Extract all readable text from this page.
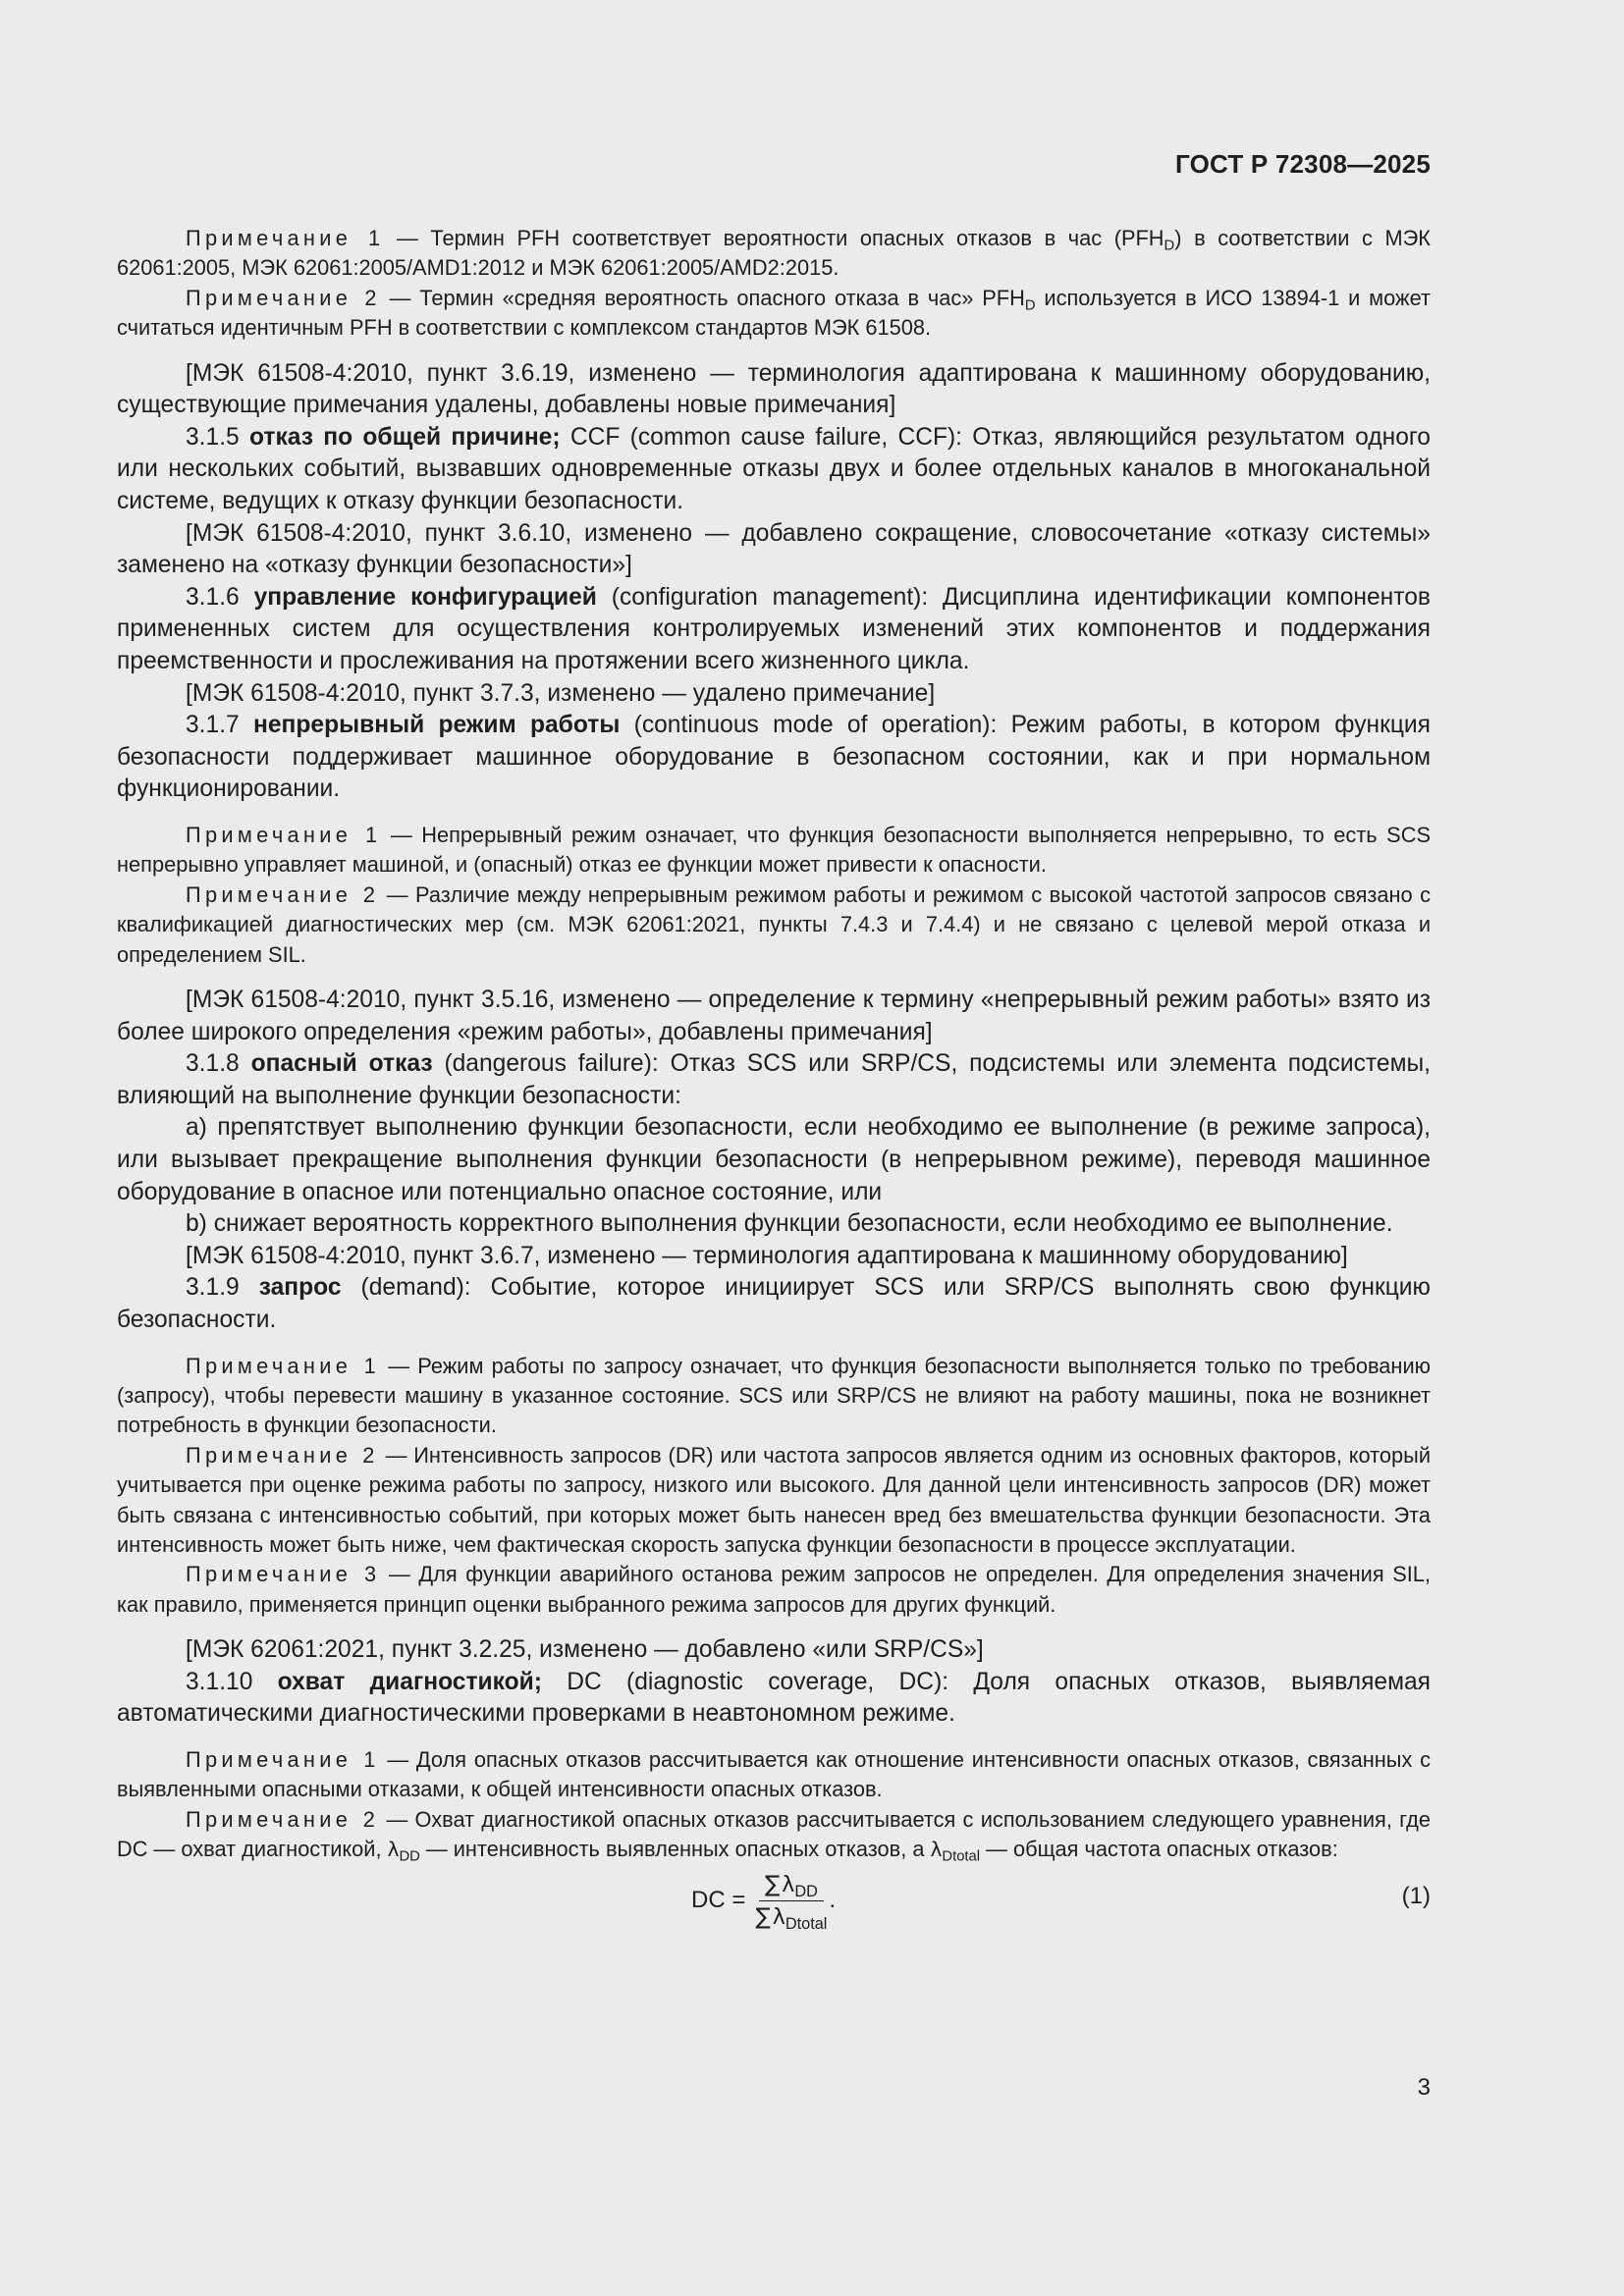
ГОСТ Р 72308—2025

Примечание 1 — Термин PFH соответствует вероятности опасных отказов в час $(PFH_D)$ в соответствии с МЭК 62061:2005, МЭК 62061:2005/AMD1:2012 и МЭК 62061:2005/AMD2:2015.

Примечание 2 — Термин «средняя вероятность опасного отказа в час» $PFH_D$ используется в ИСО 13894-1 и может считаться идентичным PFH в соответствии с комплексом стандартов МЭК 61508.

[МЭК 61508-4:2010, пункт 3.6.19, изменено — терминология адаптирована к машинному оборудованию, существующие примечания удалены, добавлены новые примечания]

3.1.5 отказ по общей причине; CCF (common cause failure, CCF): Отказ, являющийся результатом одного или нескольких событий, вызвавших одновременные отказы двух и более отдельных каналов в многоканальной системе, ведущих к отказу функции безопасности.

[МЭК 61508-4:2010, пункт 3.6.10, изменено — добавлено сокращение, словосочетание «отказу системы» заменено на «отказу функции безопасности»]

3.1.6 управление конфигурацией (configuration management): Дисциплина идентификации компонентов примененных систем для осуществления контролируемых изменений этих компонентов и поддержания преемственности и прослеживания на протяжении всего жизненного цикла.

[МЭК 61508-4:2010, пункт 3.7.3, изменено — удалено примечание]

3.1.7 непрерывный режим работы (continuous mode of operation): Режим работы, в котором функция безопасности поддерживает машинное оборудование в безопасном состоянии, как и при нормальном функционировании.

Примечание 1 — Непрерывный режим означает, что функция безопасности выполняется непрерывно, то есть SCS непрерывно управляет машиной, и (опасный) отказ ее функции может привести к опасности.

Примечание 2 — Различие между непрерывным режимом работы и режимом с высокой частотой запросов связано с квалификацией диагностических мер (см. МЭК 62061:2021, пункты 7.4.3 и 7.4.4) и не связано с целевой мерой отказа и определением SIL.

[МЭК 61508-4:2010, пункт 3.5.16, изменено — определение к термину «непрерывный режим работы» взято из более широкого определения «режим работы», добавлены примечания]

3.1.8 опасный отказ (dangerous failure): Отказ SCS или SRP/CS, подсистемы или элемента подсистемы, влияющий на выполнение функции безопасности:

a) препятствует выполнению функции безопасности, если необходимо ее выполнение (в режиме запроса), или вызывает прекращение выполнения функции безопасности (в непрерывном режиме), переводя машинное оборудование в опасное или потенциально опасное состояние, или

b) снижает вероятность корректного выполнения функции безопасности, если необходимо ее выполнение.

[МЭК 61508-4:2010, пункт 3.6.7, изменено — терминология адаптирована к машинному оборудованию]

3.1.9 запрос (demand): Событие, которое инициирует SCS или SRP/CS выполнять свою функцию безопасности.

Примечание 1 — Режим работы по запросу означает, что функция безопасности выполняется только по требованию (запросу), чтобы перевести машину в указанное состояние. SCS или SRP/CS не влияют на работу машины, пока не возникнет потребность в функции безопасности.

Примечание 2 — Интенсивность запросов (DR) или частота запросов является одним из основных факторов, который учитывается при оценке режима работы по запросу, низкого или высокого. Для данной цели интенсивность запросов (DR) может быть связана с интенсивностью событий, при которых может быть нанесен вред без вмешательства функции безопасности. Эта интенсивность может быть ниже, чем фактическая скорость запуска функции безопасности в процессе эксплуатации.

Примечание 3 — Для функции аварийного останова режим запросов не определен. Для определения значения SIL, как правило, применяется принцип оценки выбранного режима запросов для других функций.

[МЭК 62061:2021, пункт 3.2.25, изменено — добавлено «или SRP/CS»]

3.1.10 охват диагностикой; DC (diagnostic coverage, DC): Доля опасных отказов, выявляемая автоматическими диагностическими проверками в неавтономном режиме.

Примечание 1 — Доля опасных отказов рассчитывается как отношение интенсивности опасных отказов, связанных с выявленными опасными отказами, к общей интенсивности опасных отказов.

Примечание 2 — Охват диагностикой опасных отказов рассчитывается с использованием следующего уравнения, где DC — охват диагностикой, $\lambda_{DD}$ — интенсивность выявленных опасных отказов, а $\lambda_{Dtotal}$ — общая частота опасных отказов:

DC = $\frac{\sum\lambda_{DD}}{\sum\lambda_{Dtotal}}$ .	(1)
3
